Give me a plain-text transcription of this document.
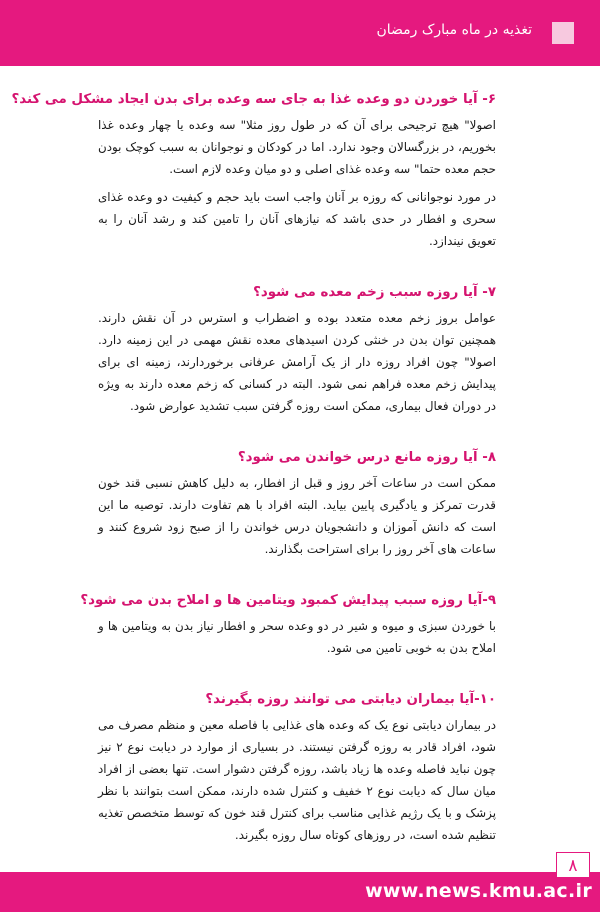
تغذیه در ماه مبارک رمضان
۶- آیا خوردن دو وعده غذا به جای سه وعده برای بدن ایجاد مشکل می کند؟

اصولا" هیچ ترجیحی برای آن که در طول روز مثلا" سه وعده یا چهار وعده غذا بخوریم، در بزرگسالان وجود ندارد. اما در کودکان و نوجوانان به سبب کوچک بودن حجم معده حتما" سه وعده غذای اصلی و دو میان وعده لازم است.

در مورد نوجوانانی که روزه بر آنان واجب است باید حجم و کیفیت دو وعده غذای سحری و افطار در حدی باشد که نیازهای آنان را تامین کند و رشد آنان را به تعویق نیندازد.

۷- آیا روزه سبب زخم معده می شود؟

عوامل بروز زخم معده متعدد بوده و اضطراب و استرس در آن نقش دارند. همچنین توان بدن در خنثی کردن اسیدهای معده نقش مهمی در این زمینه دارد. اصولا" چون افراد روزه دار از یک آرامش عرفانی برخوردارند، زمینه ای برای پیدایش زخم معده فراهم نمی شود. البته در کسانی که زخم معده دارند به ویژه در دوران فعال بیماری، ممکن است روزه گرفتن سبب تشدید عوارض شود.

۸- آیا روزه مانع درس خواندن می شود؟

ممکن است در ساعات آخر روز و قبل از افطار، به دلیل کاهش نسبی قند خون قدرت تمرکز و یادگیری پایین بیاید. البته افراد با هم تفاوت دارند. توصیه ما این است که دانش آموزان و دانشجویان درس خواندن را از صبح زود شروع کنند و ساعات های آخر روز را برای استراحت بگذارند.

۹-آیا روزه سبب پیدایش کمبود ویتامین ها و املاح بدن می شود؟

با خوردن سبزی و میوه و شیر در دو وعده سحر و افطار نیاز بدن به ویتامین ها و املاح بدن به خوبی تامین می شود.

۱۰-آیا بیماران دیابتی می توانند روزه بگیرند؟

در بیماران دیابتی نوع یک که وعده های غذایی با فاصله معین و منظم مصرف می شود، افراد قادر به روزه گرفتن نیستند. در بسیاری از موارد در دیابت نوع ۲ نیز چون نباید فاصله وعده ها زیاد باشد، روزه گرفتن دشوار است. تنها بعضی از افراد میان سال که دیابت نوع ۲ خفیف و کنترل شده دارند، ممکن است بتوانند با نظر پزشک و با یک رژیم غذایی مناسب برای کنترل قند خون که توسط متخصص تغذیه تنظیم شده است، در روزهای کوتاه سال روزه بگیرند.

www.news.kmu.ac.ir
۸
